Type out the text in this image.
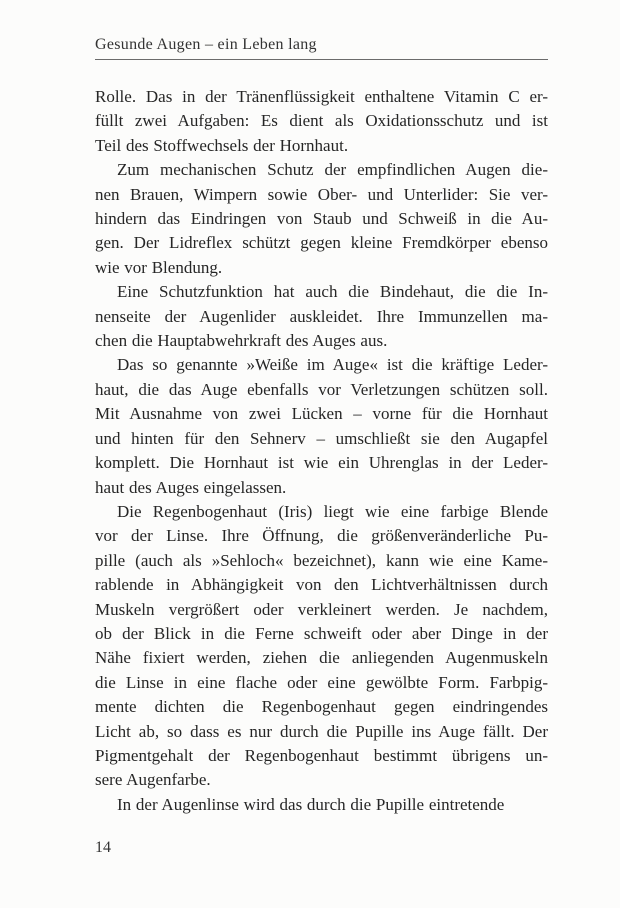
Gesunde Augen – ein Leben lang
Rolle. Das in der Tränenflüssigkeit enthaltene Vitamin C er-
füllt zwei Aufgaben: Es dient als Oxidationsschutz und ist
Teil des Stoffwechsels der Hornhaut.
Zum mechanischen Schutz der empfindlichen Augen die-
nen Brauen, Wimpern sowie Ober- und Unterlider: Sie ver-
hindern das Eindringen von Staub und Schweiß in die Au-
gen. Der Lidreflex schützt gegen kleine Fremdkörper ebenso
wie vor Blendung.
Eine Schutzfunktion hat auch die Bindehaut, die die In-
nenseite der Augenlider auskleidet. Ihre Immunzellen ma-
chen die Hauptabwehrkraft des Auges aus.
Das so genannte »Weiße im Auge« ist die kräftige Leder-
haut, die das Auge ebenfalls vor Verletzungen schützen soll.
Mit Ausnahme von zwei Lücken – vorne für die Hornhaut
und hinten für den Sehnerv – umschließt sie den Augapfel
komplett. Die Hornhaut ist wie ein Uhrenglas in der Leder-
haut des Auges eingelassen.
Die Regenbogenhaut (Iris) liegt wie eine farbige Blende
vor der Linse. Ihre Öffnung, die größenveränderliche Pu-
pille (auch als »Sehloch« bezeichnet), kann wie eine Kame-
rablende in Abhängigkeit von den Lichtverhältnissen durch
Muskeln vergrößert oder verkleinert werden. Je nachdem,
ob der Blick in die Ferne schweift oder aber Dinge in der
Nähe fixiert werden, ziehen die anliegenden Augenmuskeln
die Linse in eine flache oder eine gewölbte Form. Farbpig-
mente dichten die Regenbogenhaut gegen eindringendes
Licht ab, so dass es nur durch die Pupille ins Auge fällt. Der
Pigmentgehalt der Regenbogenhaut bestimmt übrigens un-
sere Augenfarbe.
In der Augenlinse wird das durch die Pupille eintretende
14
